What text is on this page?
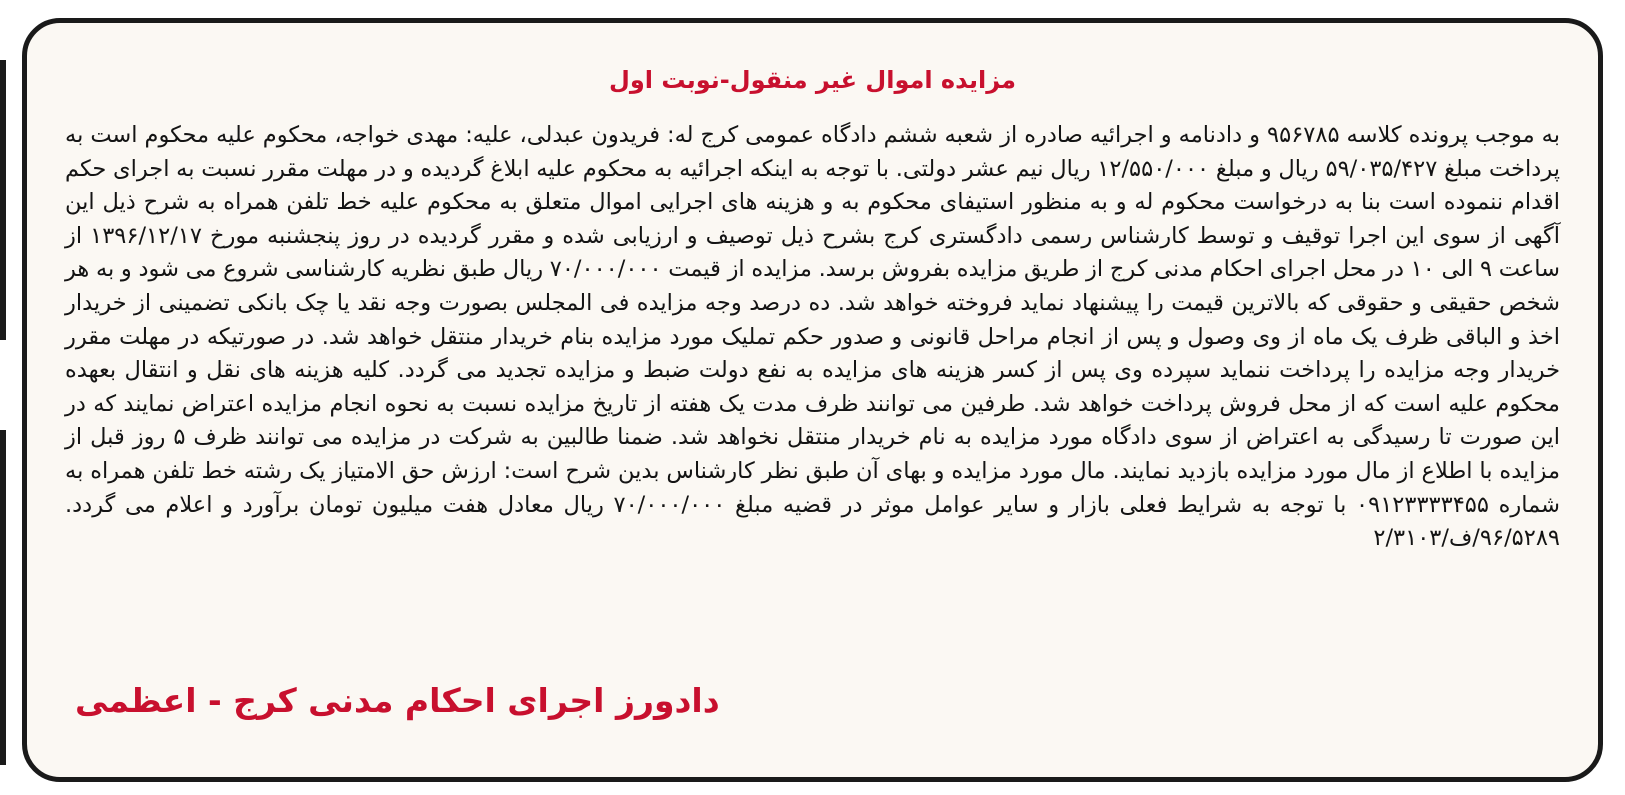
مزایده اموال غیر منقول-نوبت اول

به موجب پرونده کلاسه ۹۵۶۷۸۵ و دادنامه و اجرائیه صادره از شعبه ششم دادگاه عمومی کرج له: فریدون عبدلی، علیه: مهدی خواجه، محکوم علیه محکوم است به پرداخت مبلغ ۵۹/۰۳۵/۴۲۷ ریال و مبلغ ۱۲/۵۵۰/۰۰۰ ریال نیم عشر دولتی. با توجه به اینکه اجرائیه به محکوم علیه ابلاغ گردیده و در مهلت مقرر نسبت به اجرای حکم اقدام ننموده است بنا به درخواست محکوم له و به منظور استیفای محکوم به و هزینه های اجرایی اموال متعلق به محکوم علیه خط تلفن همراه به شرح ذیل این آگهی از سوی این اجرا توقیف و توسط کارشناس رسمی دادگستری کرج بشرح ذیل توصیف و ارزیابی شده و مقرر گردیده در روز پنجشنبه مورخ ۱۳۹۶/۱۲/۱۷ از ساعت ۹ الی ۱۰ در محل اجرای احکام مدنی کرج از طریق مزایده بفروش برسد. مزایده از قیمت ۷۰/۰۰۰/۰۰۰ ریال طبق نظریه کارشناسی شروع می شود و به هر شخص حقیقی و حقوقی که بالاترین قیمت را پیشنهاد نماید فروخته خواهد شد. ده درصد وجه مزایده فی المجلس بصورت وجه نقد یا چک بانکی تضمینی از خریدار اخذ و الباقی ظرف یک ماه از وی وصول و پس از انجام مراحل قانونی و صدور حکم تملیک مورد مزایده بنام خریدار منتقل خواهد شد. در صورتیکه در مهلت مقرر خریدار وجه مزایده را پرداخت ننماید سپرده وی پس از کسر هزینه های مزایده به نفع دولت ضبط و مزایده تجدید می گردد. کلیه هزینه های نقل و انتقال بعهده محکوم علیه است که از محل فروش پرداخت خواهد شد. طرفین می توانند ظرف مدت یک هفته از تاریخ مزایده نسبت به نحوه انجام مزایده اعتراض نمایند که در این صورت تا رسیدگی به اعتراض از سوی دادگاه مورد مزایده به نام خریدار منتقل نخواهد شد. ضمنا طالبین به شرکت در مزایده می توانند ظرف ۵ روز قبل از مزایده با اطلاع از مال مورد مزایده بازدید نمایند. مال مورد مزایده و بهای آن طبق نظر کارشناس بدین شرح است: ارزش حق الامتیاز یک رشته خط تلفن همراه به شماره ۰۹۱۲۳۳۳۳۴۵۵ با توجه به شرایط فعلی بازار و سایر عوامل موثر در قضیه مبلغ ۷۰/۰۰۰/۰۰۰ ریال معادل هفت میلیون تومان برآورد و اعلام می گردد. ۹۶/۵۲۸۹/ف/۲/۳۱۰۳

دادورز اجرای احکام مدنی کرج - اعظمی
